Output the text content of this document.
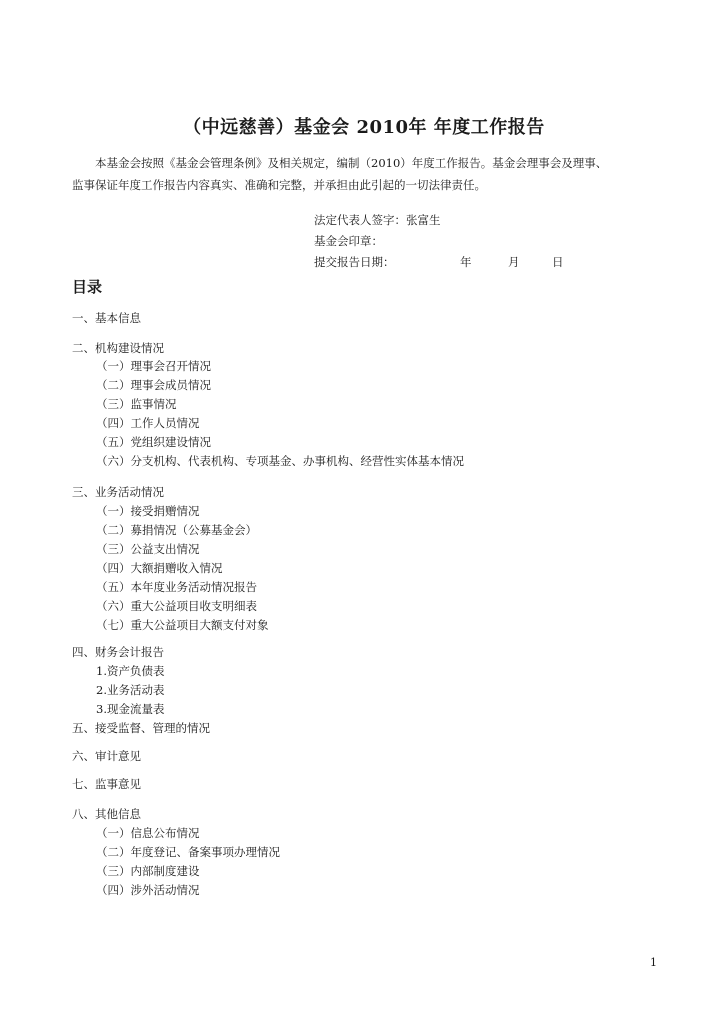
（中远慈善）基金会 2010年 年度工作报告
本基金会按照《基金会管理条例》及相关规定，编制（2010）年度工作报告。基金会理事会及理事、
监事保证年度工作报告内容真实、准确和完整，并承担由此引起的一切法律责任。
法定代表人签字： 张富生
基金会印章：
提交报告日期：	年	月	日
目录
一、基本信息
二、机构建设情况
（一）理事会召开情况
（二）理事会成员情况
（三）监事情况
（四）工作人员情况
（五）党组织建设情况
（六）分支机构、代表机构、专项基金、办事机构、经营性实体基本情况
三、业务活动情况
（一）接受捐赠情况
（二）募捐情况（公募基金会）
（三）公益支出情况
（四）大额捐赠收入情况
（五）本年度业务活动情况报告
（六）重大公益项目收支明细表
（七）重大公益项目大额支付对象
四、财务会计报告
1.资产负债表
2.业务活动表
3.现金流量表
五、接受监督、管理的情况
六、审计意见
七、监事意见
八、其他信息
（一）信息公布情况
（二）年度登记、备案事项办理情况
（三）内部制度建设
（四）涉外活动情况
1
